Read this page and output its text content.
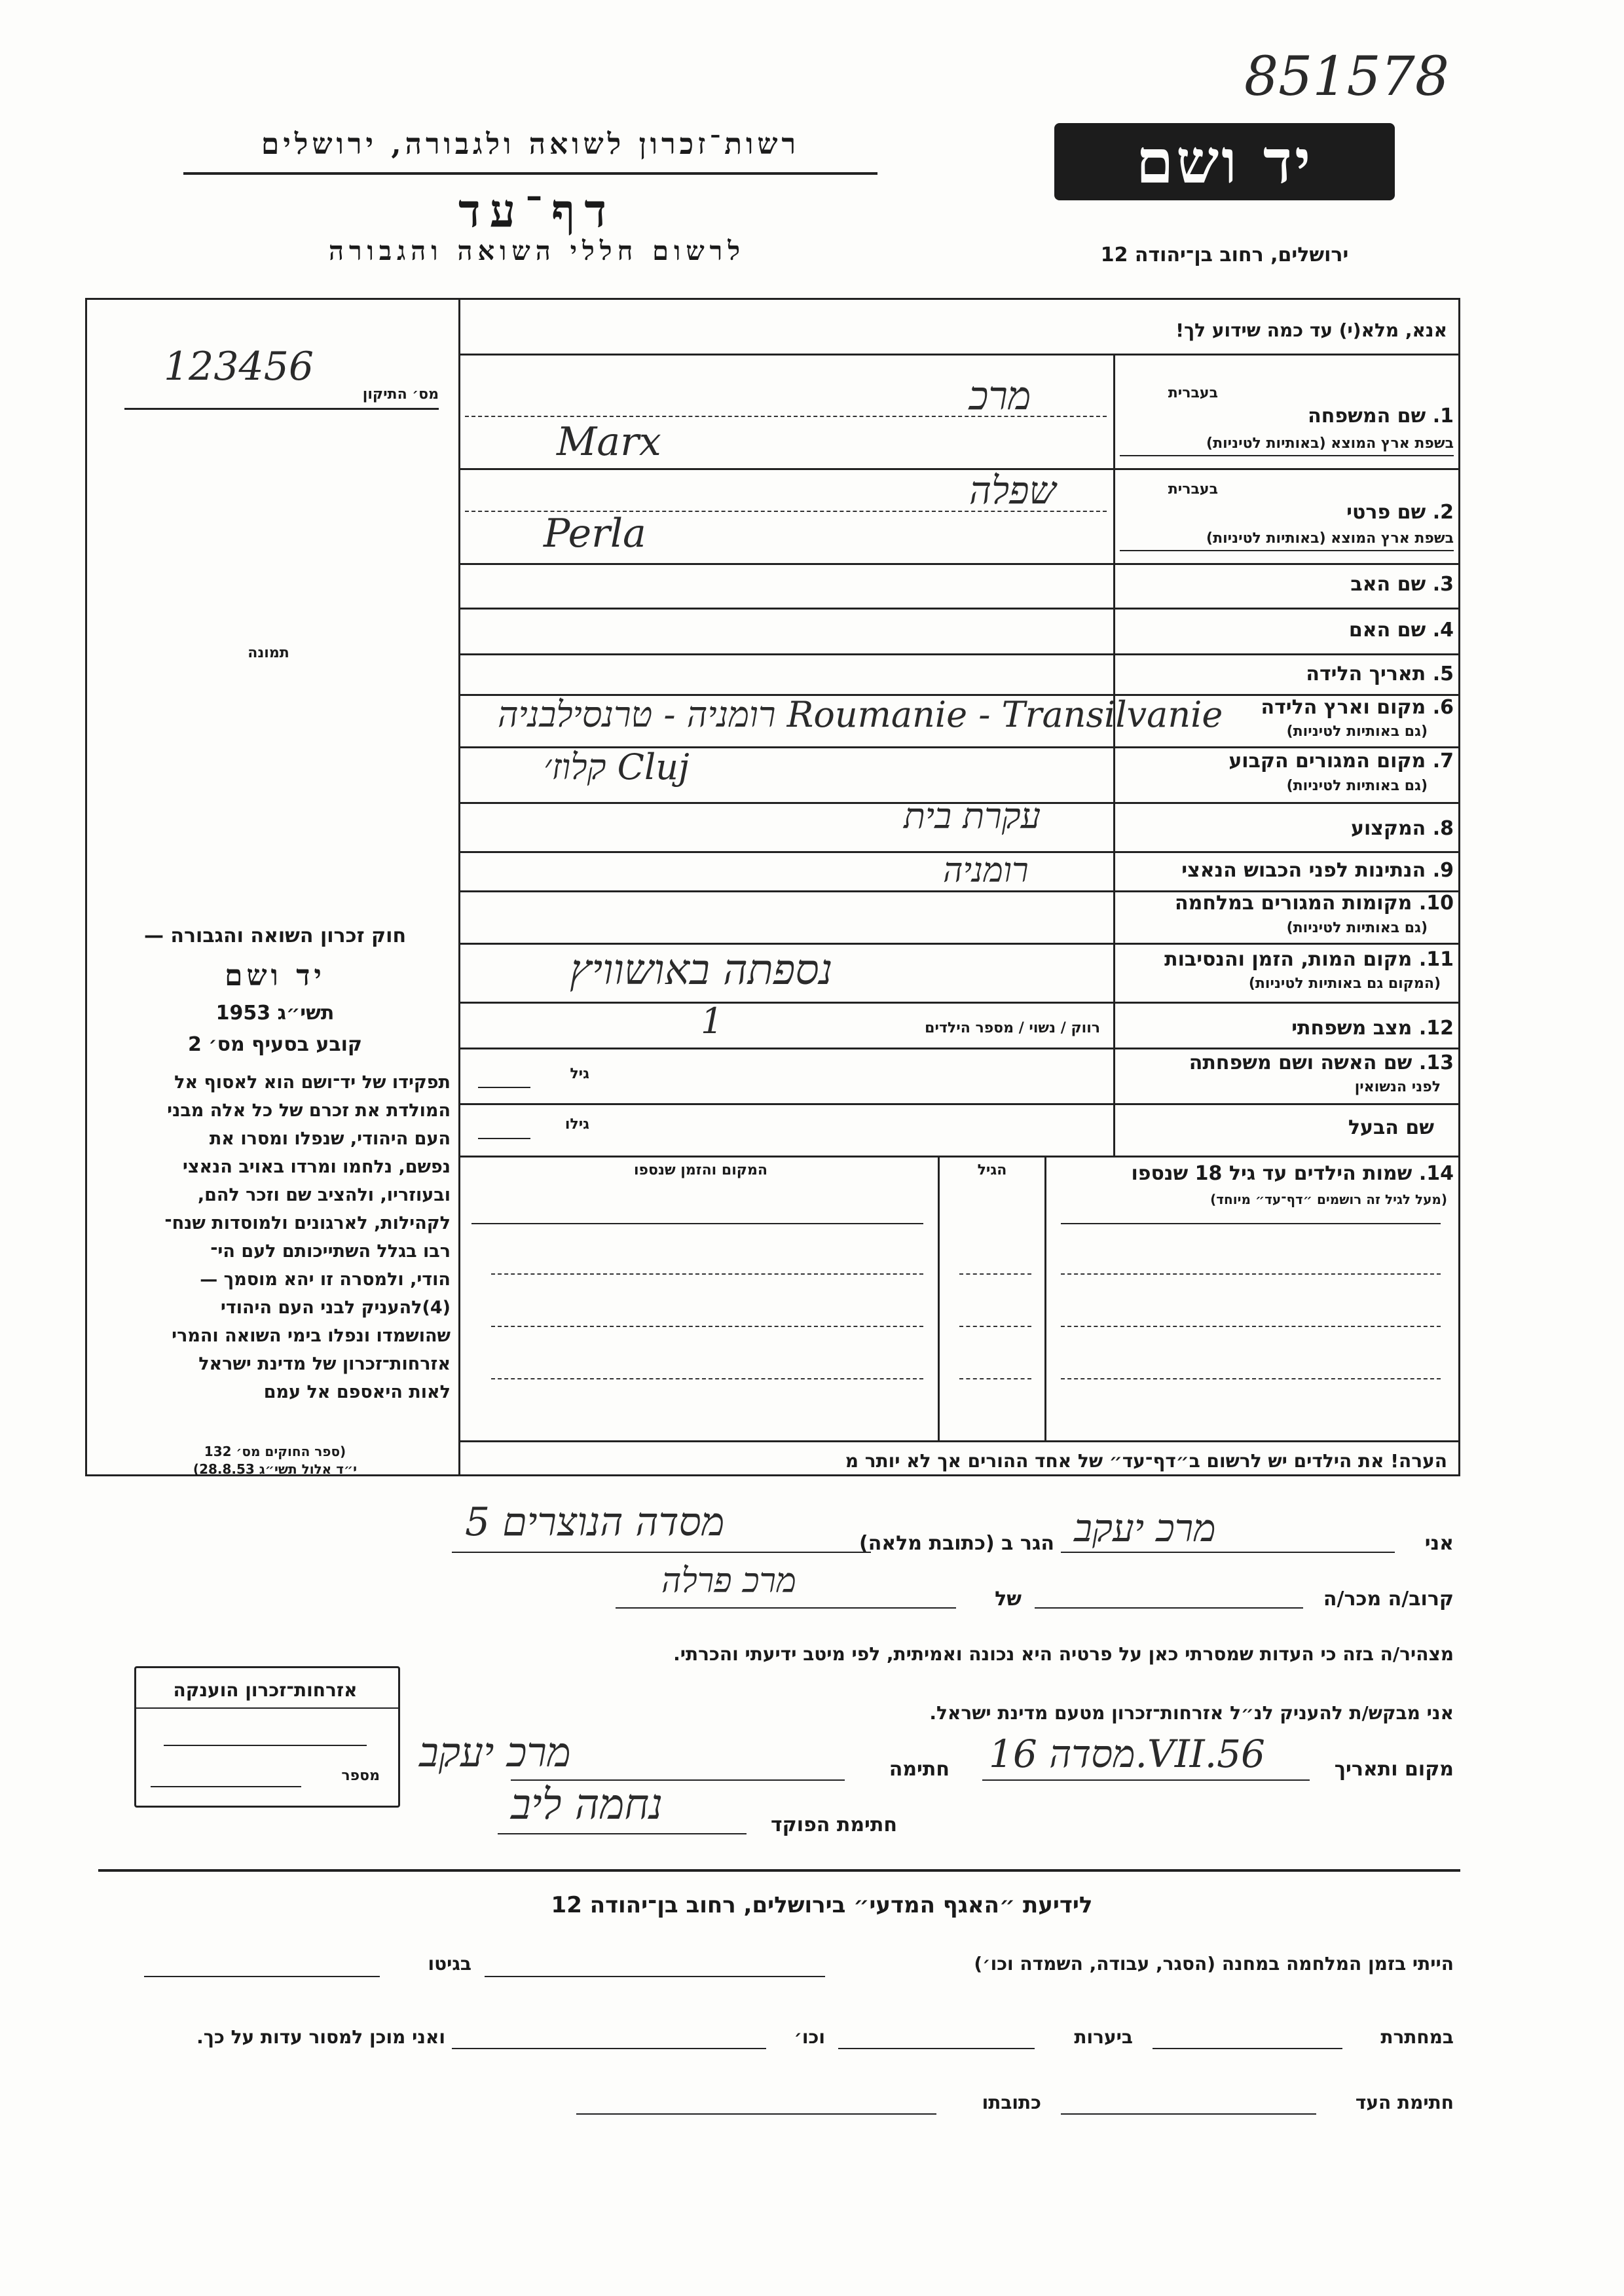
851578
רשות־זכרון לשואה ולגבורה, ירושלים
דף־עד
לרשום חללי השואה והגבורה
יד ושם
ירושלים, רחוב בן־יהודה 12
מס׳ התיקון
123456
תמונה
חוק זכרון השואה והגבורה —
יד ושם
1953 תשי״ג
קובע בסעיף מס׳ 2
תפקידו של יד־ושם הוא לאסוף אל
המולדת את זכרם של כל אלה מבני
העם היהודי, שנפלו ומסרו את
נפשם, נלחמו ומרדו באויב הנאצי
ובעוזריו, ולהציב שם וזכר להם,
לקהילות, לארגונים ולמוסדות שנח־
רבו בגלל השתייכותם לעם הי־
הודי, ולמסרה זו יהא מוסמך —
(4)להעניק לבני העם היהודי
שהושמדו ונפלו בימי השואה והמרי
אזרחות־זכרון של מדינת ישראל
לאות היאספם אל עמם
(ספר החוקים מס׳ 132
י״ד אלול תשי״ג 28.8.53)
אנא, מלא(י) עד כמה שידוע לך!
בעברית
1. שם המשפחה
בשפת ארץ המוצא (באותיות לטיניות)
מרכ
Marx
בעברית
2. שם פרטי
בשפת ארץ המוצא (באותיות לטיניות)
שפלה
Perla
3. שם האב
4. שם האם
5. תאריך הלידה
6. מקום וארץ הלידה
(גם באותיות לטיניות)
רומניה - טרנסילבניה Roumanie - Transilvanie
7. מקום המגורים הקבוע
(גם באותיות לטיניות)
קלוז׳ Cluj
8. המקצוע
עקרת בית
9. הנתינות לפני הכבוש הנאצי
רומניה
10. מקומות המגורים במלחמה
(גם באותיות לטיניות)
11. מקום המות, הזמן והנסיבות
(המקום גם באותיות לטיניות)
נספתה באושוויץ
12. מצב משפחתי
רווק / נשוי / מספר הילדים
1
13. שם האשה ושם משפחתה
לפני הנשואין
גיל
שם הבעל
גילו
14. שמות הילדים עד גיל 18 שנספו
(מעל לגיל זה רושמים ״דף־עד״ מיוחד)
הגיל
המקום והזמן שנספו
הערה! את הילדים יש לרשום ב״דף־עד״ של אחד ההורים אך לא יותר מ
אני
מרכ יעקב
הגר ב (כתובת מלאה)
מסדה הנוצרים 5
קרוב/ה מכר/ה
של
מרכ פרלה
מצהיר/ה בזה כי העדות שמסרתי כאן על פרטיה היא נכונה ואמיתית, לפי מיטב ידיעתי והכרתי.
אני מבקש/ת להעניק לנ״ל אזרחות־זכרון מטעם מדינת ישראל.
מקום ותאריך
מסדה 16.VII.56
חתימה
מרכ יעקב
חתימת הפוקד
נחמה ליב
אזרחות־זכרון הוענקה
מספר
לידיעת ״האגף המדעי״ בירושלים, רחוב בן־יהודה 12
הייתי בזמן המלחמה במחנה (הסגר, עבודה, השמדה וכו׳)
בגיטו
במחתרת
ביערות
וכו׳
ואני מוכן למסור עדות על כך.
חתימת העד
כתובתו
